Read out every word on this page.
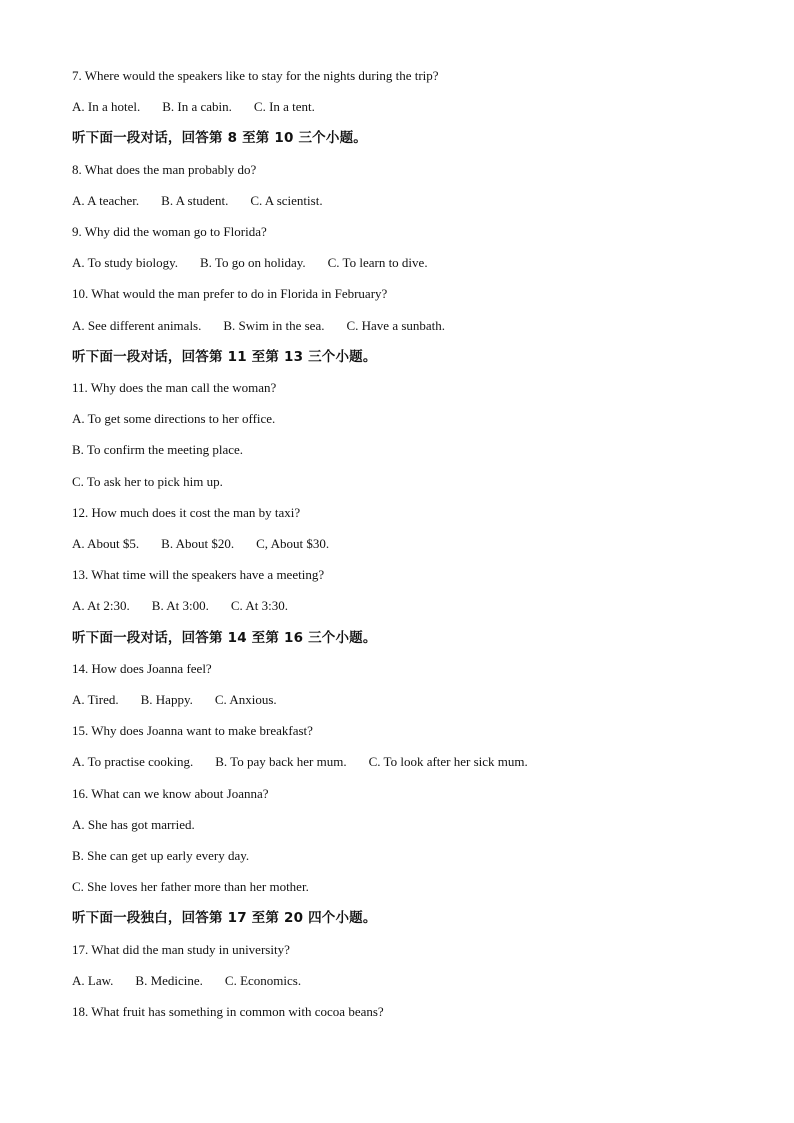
7. Where would the speakers like to stay for the nights during the trip?
A. In a hotel. B. In a cabin. C. In a tent.
听下面一段对话，回答第 8 至第 10 三个小题。
8. What does the man probably do?
A. A teacher. B. A student. C. A scientist.
9. Why did the woman go to Florida?
A. To study biology. B. To go on holiday. C. To learn to dive.
10. What would the man prefer to do in Florida in February?
A. See different animals. B. Swim in the sea. C. Have a sunbath.
听下面一段对话，回答第 11 至第 13 三个小题。
11. Why does the man call the woman?
A. To get some directions to her office.
B. To confirm the meeting place.
C. To ask her to pick him up.
12. How much does it cost the man by taxi?
A. About $5. B. About $20. C, About $30.
13. What time will the speakers have a meeting?
A. At 2:30. B. At 3:00. C. At 3:30.
听下面一段对话，回答第 14 至第 16 三个小题。
14. How does Joanna feel?
A. Tired. B. Happy. C. Anxious.
15. Why does Joanna want to make breakfast?
A. To practise cooking. B. To pay back her mum. C. To look after her sick mum.
16. What can we know about Joanna?
A. She has got married.
B. She can get up early every day.
C. She loves her father more than her mother.
听下面一段独白，回答第 17 至第 20 四个小题。
17. What did the man study in university?
A. Law. B. Medicine. C. Economics.
18. What fruit has something in common with cocoa beans?
